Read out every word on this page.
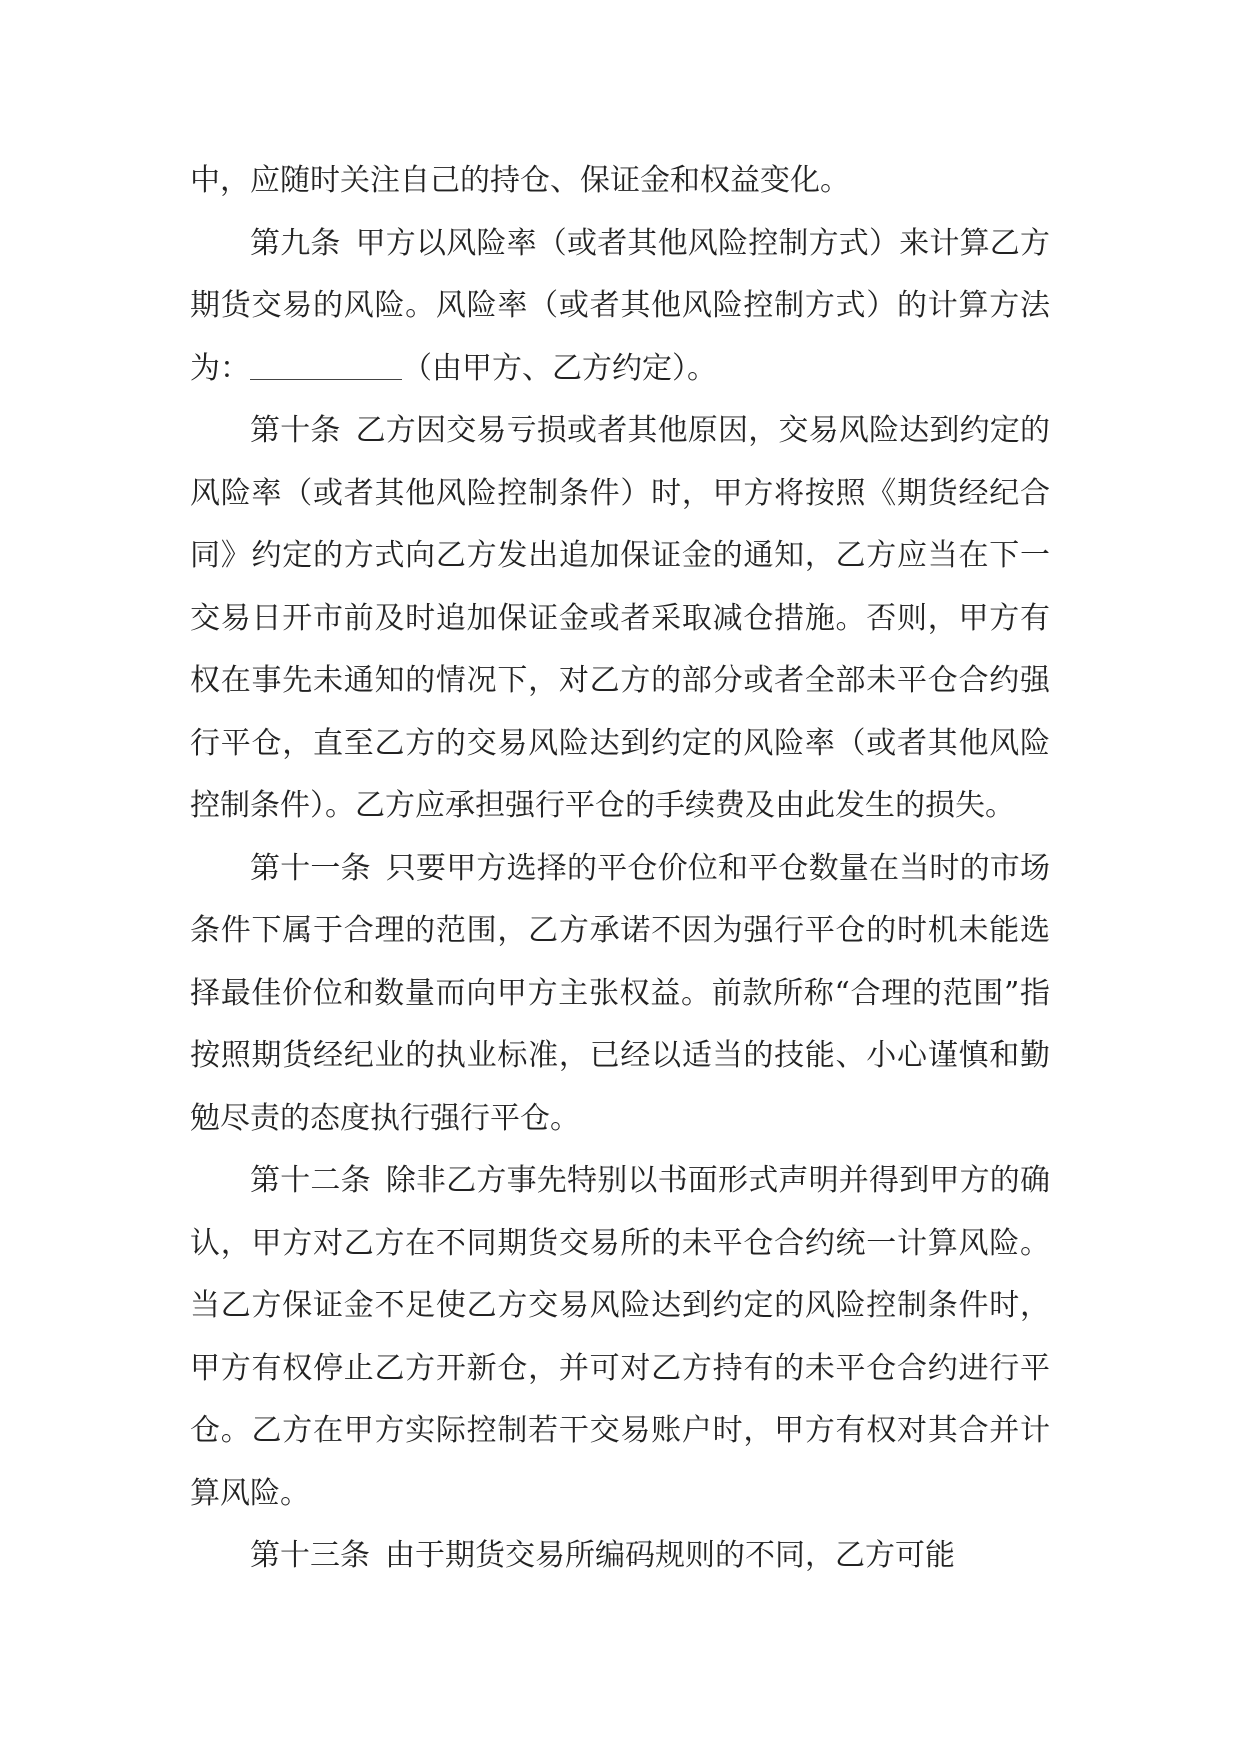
中，应随时关注自己的持仓、保证金和权益变化。

第九条 甲方以风险率（或者其他风险控制方式）来计算乙方期货交易的风险。风险率（或者其他风险控制方式）的计算方法为：	（由甲方、乙方约定）。

第十条 乙方因交易亏损或者其他原因，交易风险达到约定的风险率（或者其他风险控制条件）时，甲方将按照《期货经纪合同》约定的方式向乙方发出追加保证金的通知，乙方应当在下一交易日开市前及时追加保证金或者采取减仓措施。否则，甲方有权在事先未通知的情况下，对乙方的部分或者全部未平仓合约强行平仓，直至乙方的交易风险达到约定的风险率（或者其他风险控制条件）。乙方应承担强行平仓的手续费及由此发生的损失。

第十一条 只要甲方选择的平仓价位和平仓数量在当时的市场条件下属于合理的范围，乙方承诺不因为强行平仓的时机未能选择最佳价位和数量而向甲方主张权益。前款所称“合理的范围”指按照期货经纪业的执业标准，已经以适当的技能、小心谨慎和勤勉尽责的态度执行强行平仓。

第十二条 除非乙方事先特别以书面形式声明并得到甲方的确认，甲方对乙方在不同期货交易所的未平仓合约统一计算风险。当乙方保证金不足使乙方交易风险达到约定的风险控制条件时，甲方有权停止乙方开新仓，并可对乙方持有的未平仓合约进行平仓。乙方在甲方实际控制若干交易账户时，甲方有权对其合并计算风险。

第十三条 由于期货交易所编码规则的不同，乙方可能
